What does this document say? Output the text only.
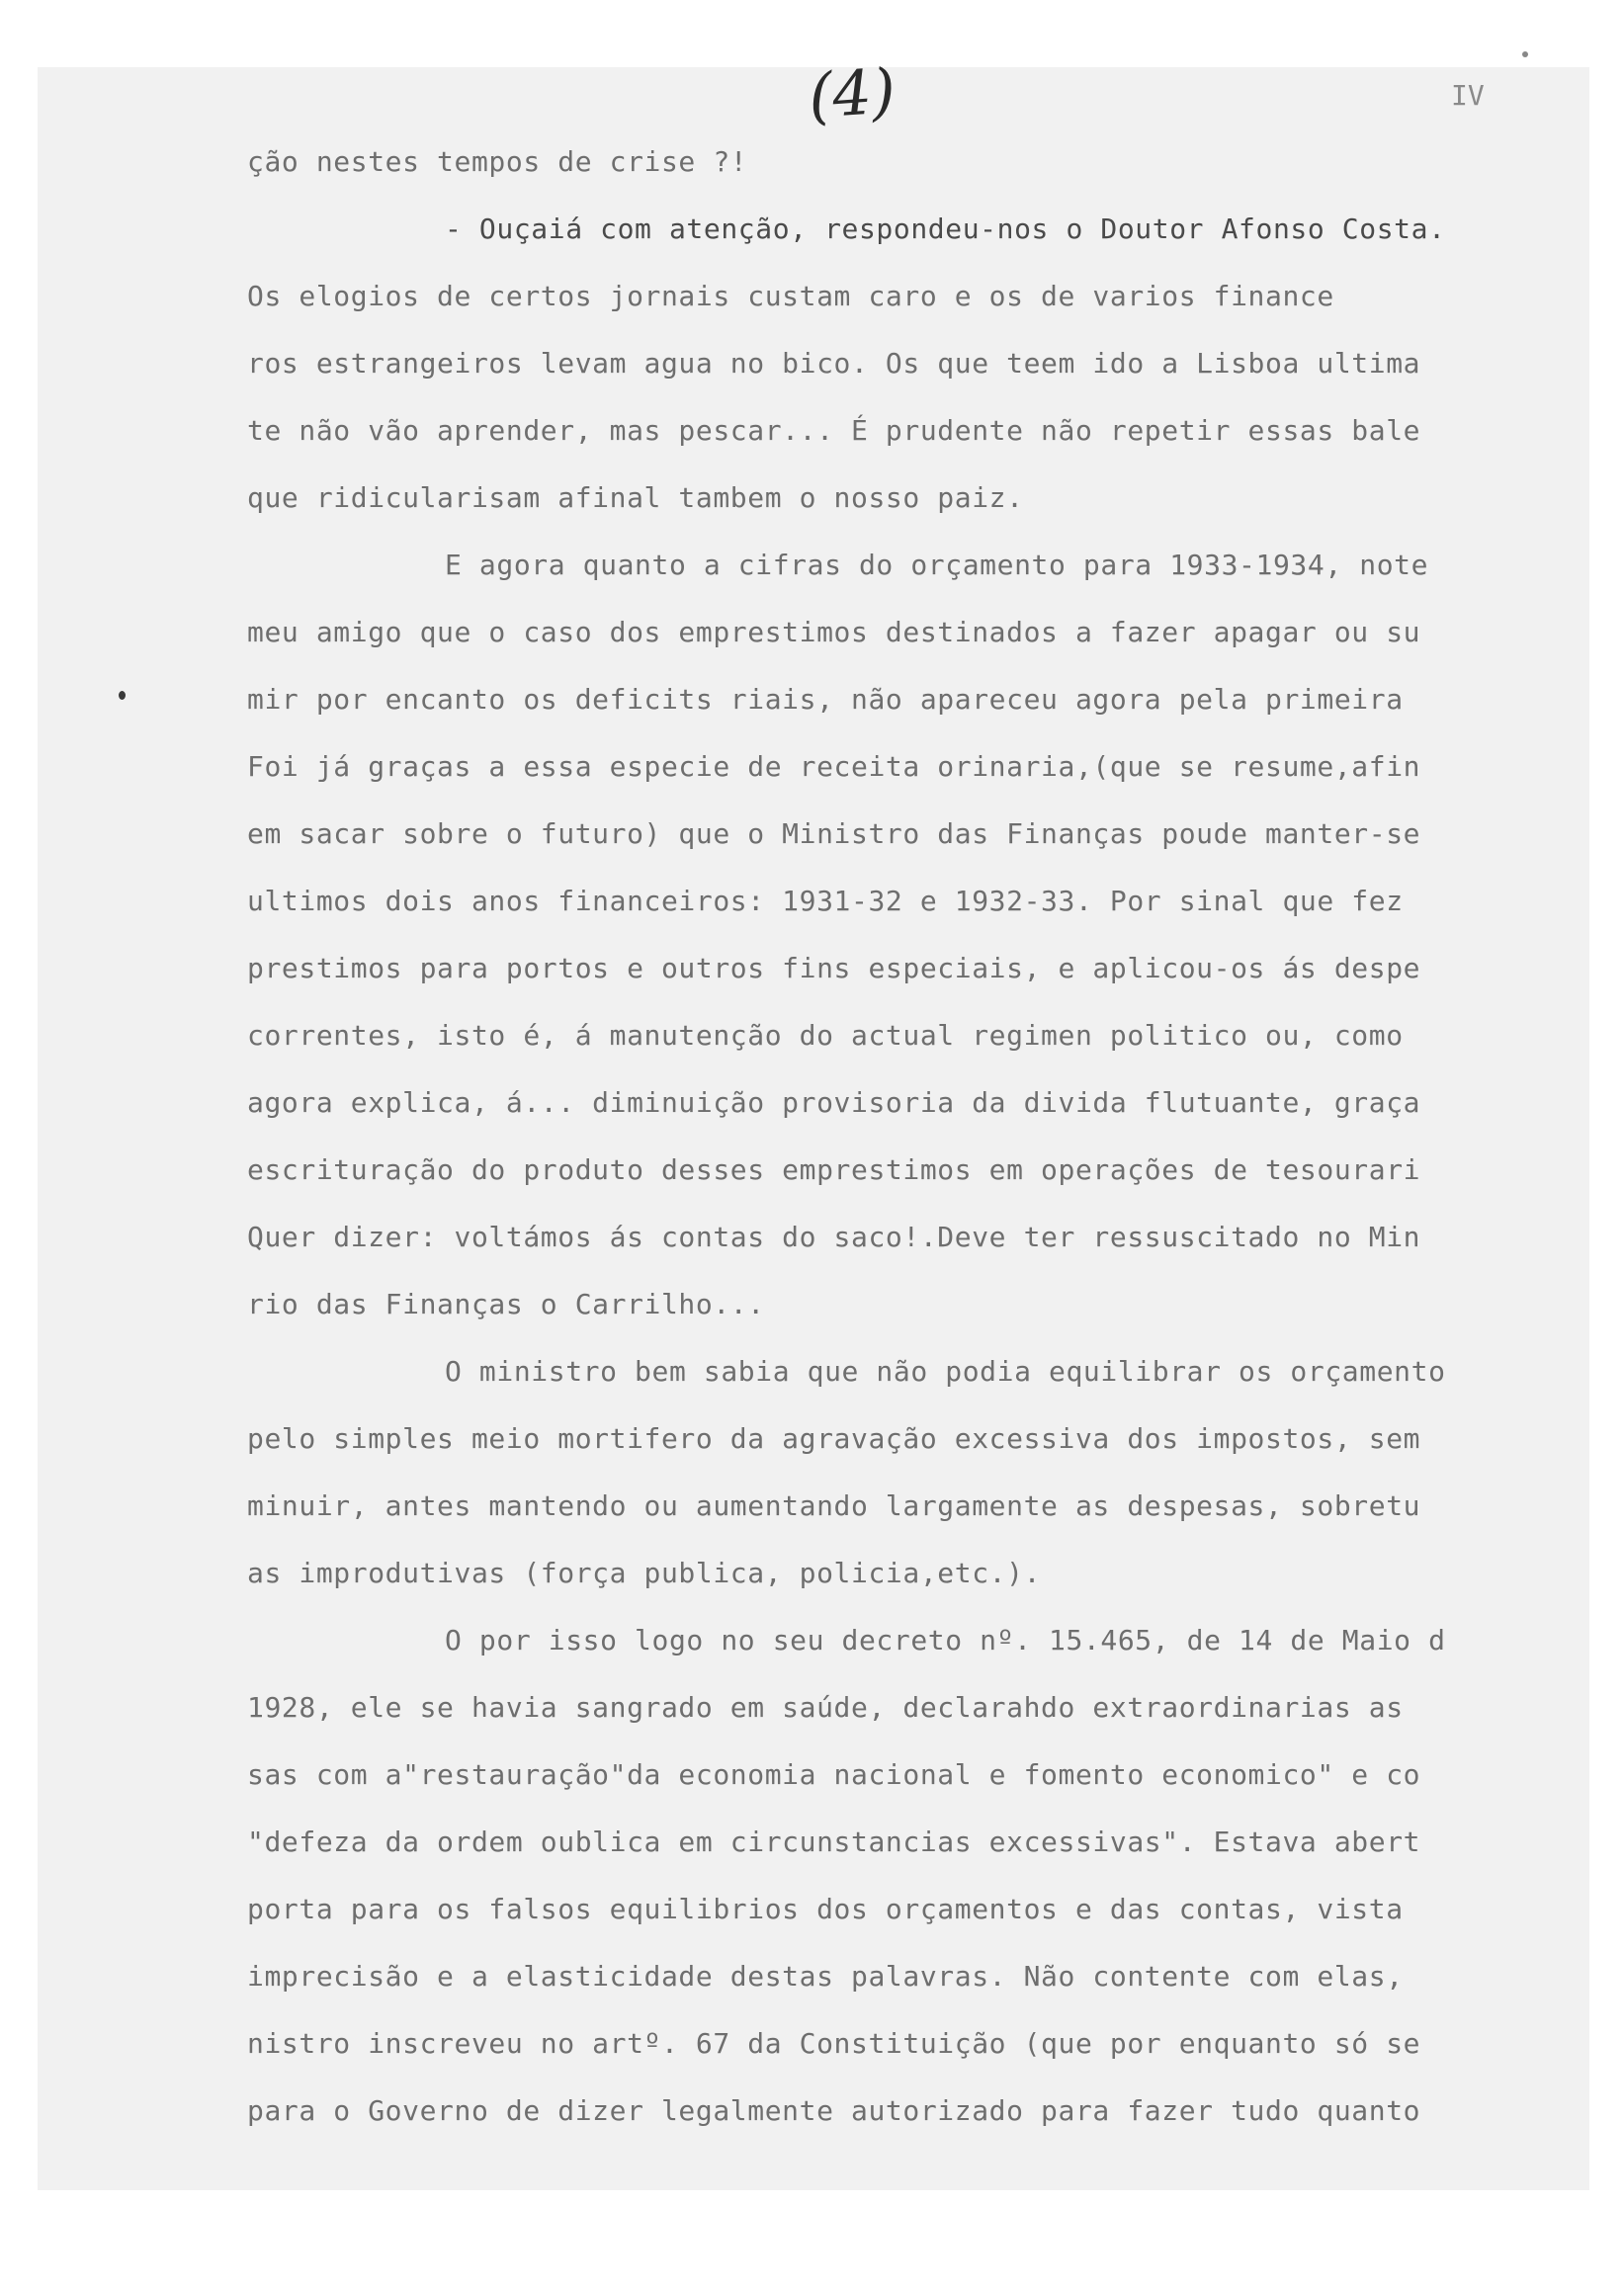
(4)	IV
ção nestes tempos de crise ?!
- Ouçaiá com atenção, respondeu-nos o Doutor Afonso Costa.
Os elogios de certos jornais custam caro e os de varios finance
ros estrangeiros levam agua no bico. Os que teem ido a Lisboa ultima
te não vão aprender, mas pescar... É prudente não repetir essas bale
que ridicularisam afinal tambem o nosso paiz.
E agora quanto a cifras do orçamento para 1933-1934, note
meu amigo que o caso dos emprestimos destinados a fazer apagar ou su
mir por encanto os deficits riais, não apareceu agora pela primeira
Foi já graças a essa especie de receita orinaria,(que se resume,afin
em sacar sobre o futuro) que o Ministro das Finanças poude manter-se
ultimos dois anos financeiros: 1931-32 e 1932-33. Por sinal que fez
prestimos para portos e outros fins especiais, e aplicou-os ás despe
correntes, isto é, á manutenção do actual regimen politico ou, como
agora explica, á... diminuição provisoria da divida flutuante, graça
escrituração do produto desses emprestimos em operações de tesourari
Quer dizer: voltámos ás contas do saco!.Deve ter ressuscitado no Min
rio das Finanças o Carrilho...
O ministro bem sabia que não podia equilibrar os orçamento
pelo simples meio mortifero da agravação excessiva dos impostos, sem
minuir, antes mantendo ou aumentando largamente as despesas, sobretu
as improdutivas (força publica, policia,etc.).
O por isso logo no seu decreto nº. 15.465, de 14 de Maio d
1928, ele se havia sangrado em saúde, declarahdo extraordinarias as
sas com a"restauração"da economia nacional e fomento economico" e co
"defeza da ordem oublica em circunstancias excessivas". Estava abert
porta para os falsos equilibrios dos orçamentos e das contas, vista
imprecisão e a elasticidade destas palavras. Não contente com elas,
nistro inscreveu no artº. 67 da Constituição (que por enquanto só se
para o Governo de dizer legalmente autorizado para fazer tudo quanto
